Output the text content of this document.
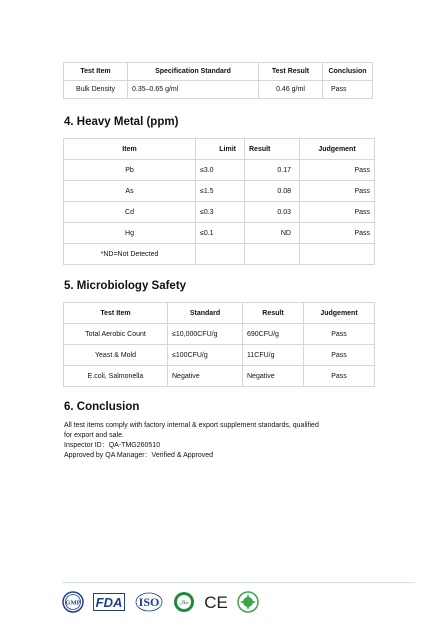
Test Item	Specification Standard	Test Result	Conclusion
Bulk Density	0.35–0.65 g/ml	0.46 g/ml	Pass
4. Heavy Metal (ppm)
Item	Limit	Result	Judgement
Pb	≤3.0	0.17	Pass
As	≤1.5	0.08	Pass
Cd	≤0.3	0.03	Pass
Hg	≤0.1	ND	Pass
*ND=Not Detected			
5. Microbiology Safety
Test Item	Standard	Result	Judgement
Total Aerobic Count	≤10,000CFU/g	690CFU/g	Pass
Yeast & Mold	≤100CFU/g	11CFU/g	Pass
E.coli, Salmonella	Negative	Negative	Pass
6. Conclusion
All test items comply with factory internal & export supplement standards, qualified
for export and sale.
Inspector ID：QA-TMG260510
Approved by QA Manager：Verified & Approved
GMP FDA ISO	حلال CE
